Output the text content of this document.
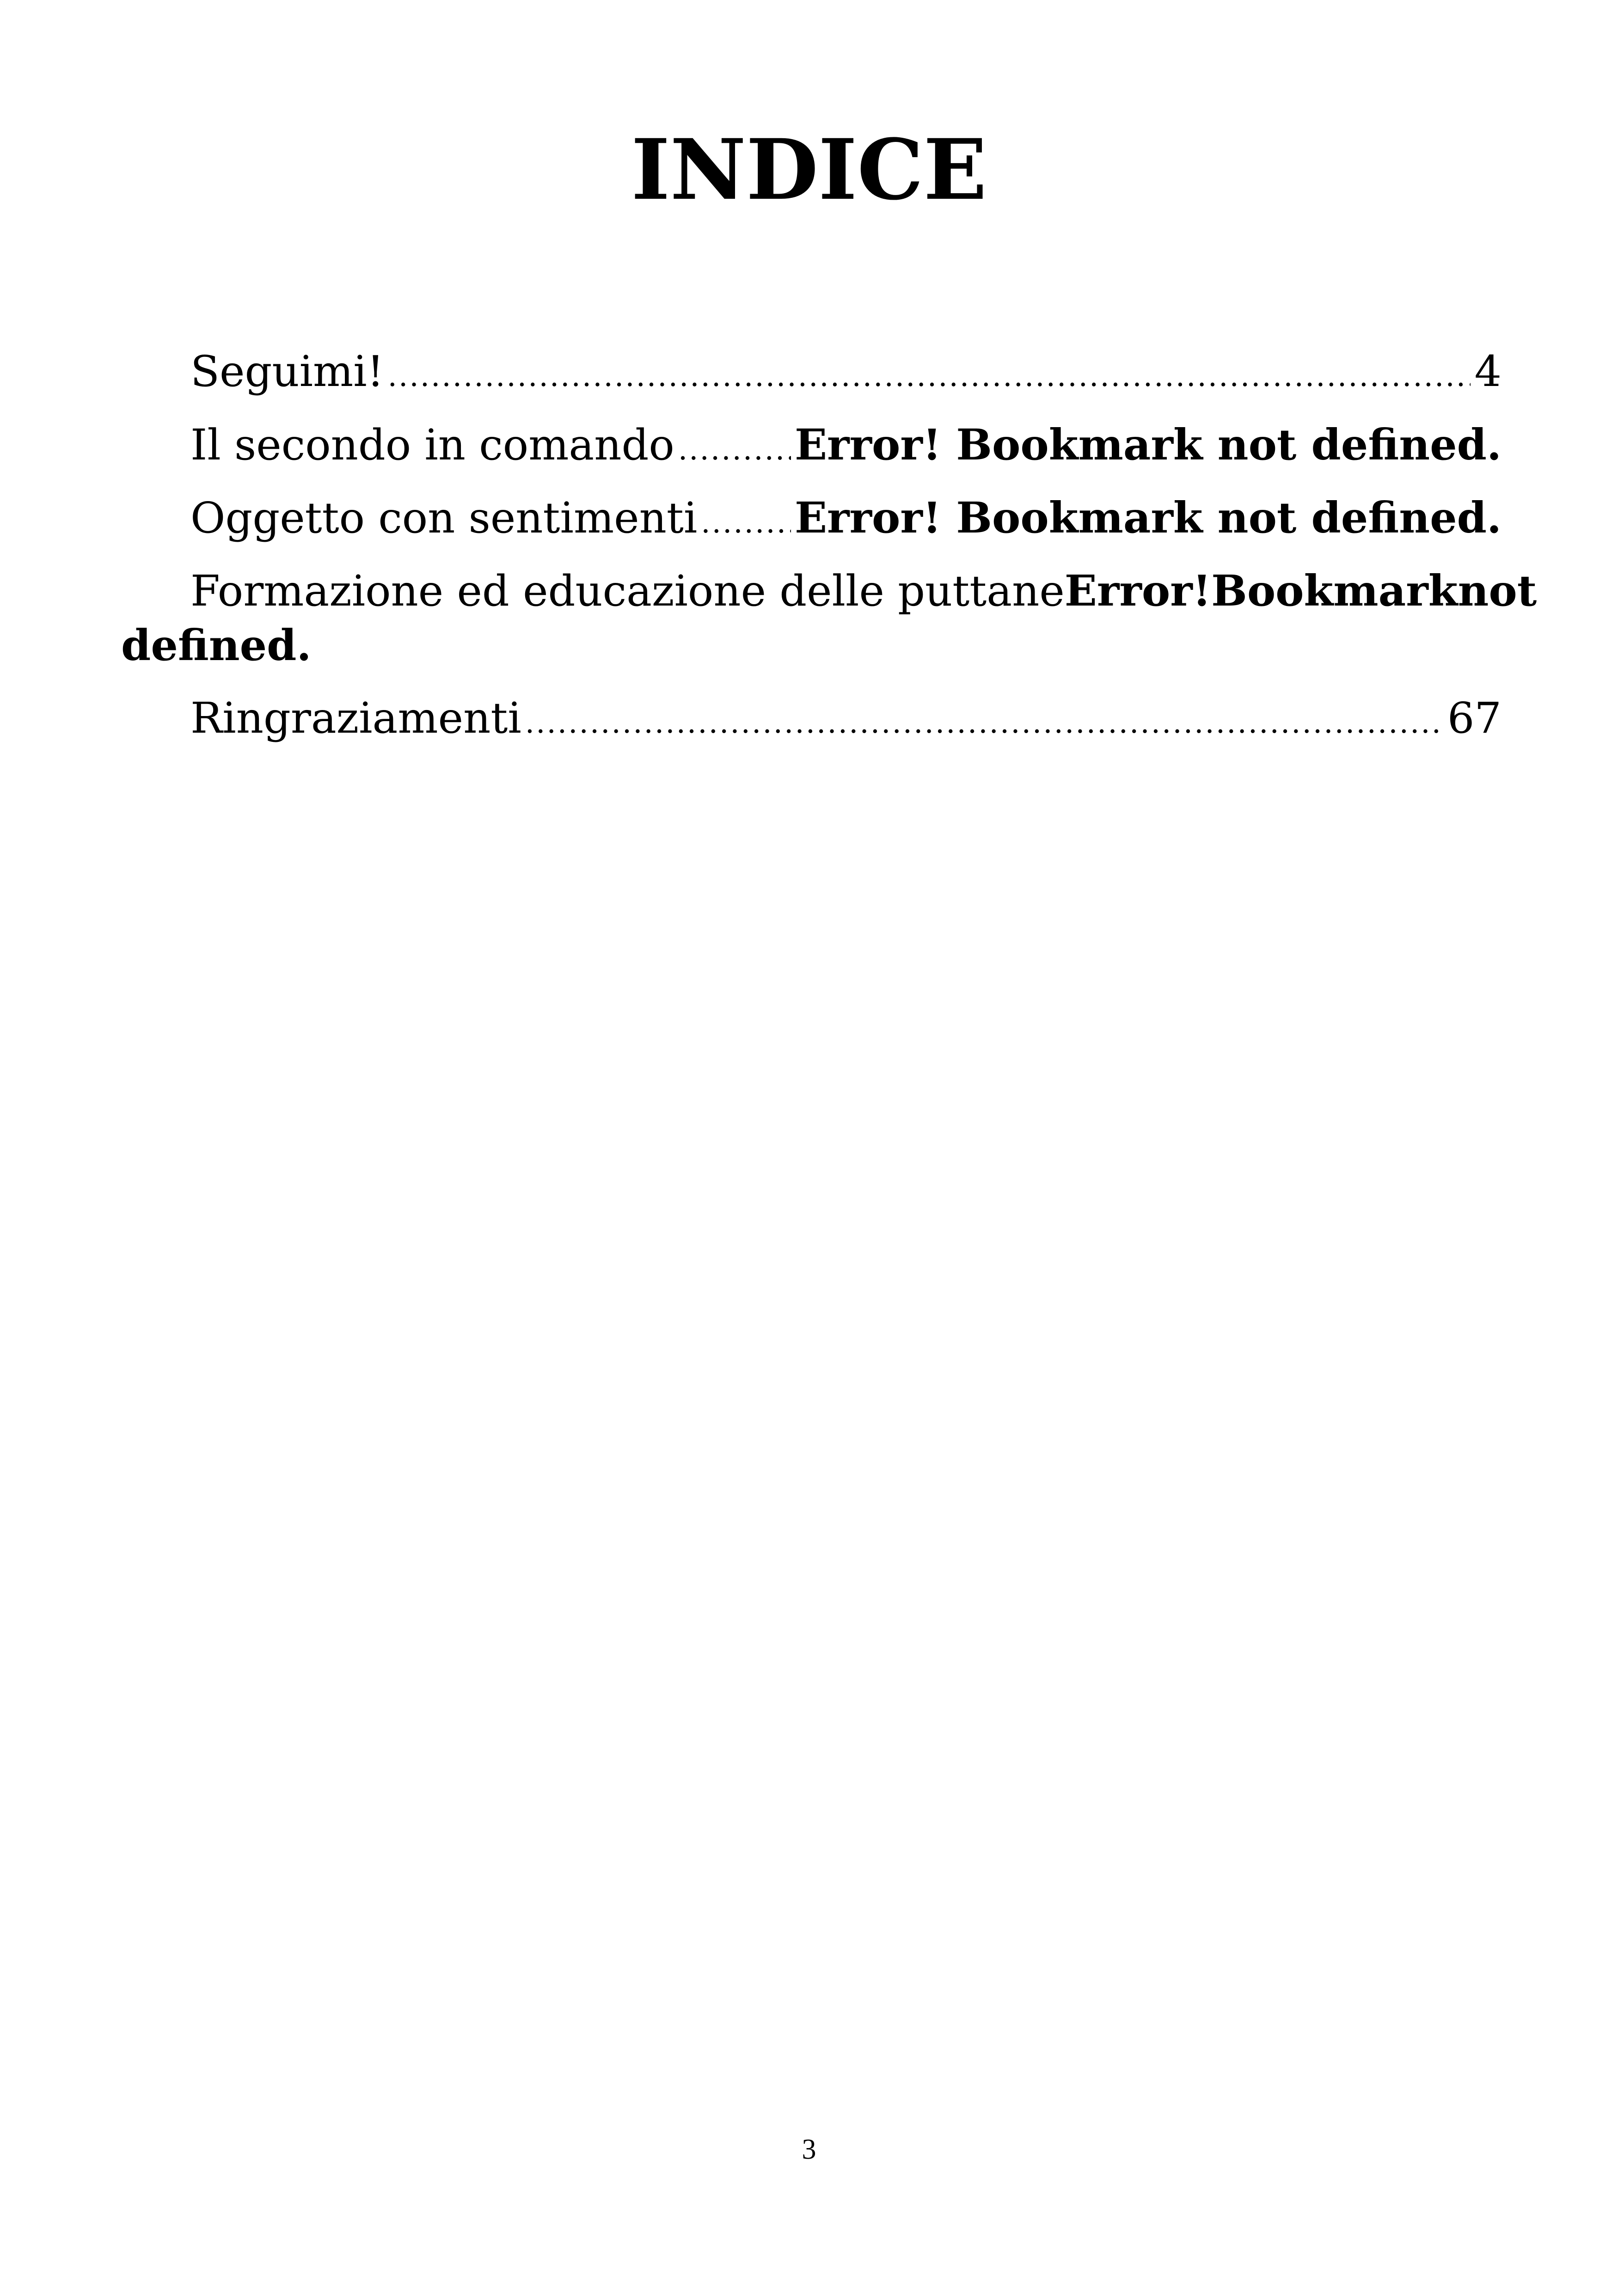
INDICE
Seguimi! .....	4
Il secondo in comando .....	Error! Bookmark not defined.
Oggetto con sentimenti ..... Error! Bookmark not defined.
Formazione ed educazione delle puttane Error! Bookmark not
defined.
Ringraziamenti .....	67
3
